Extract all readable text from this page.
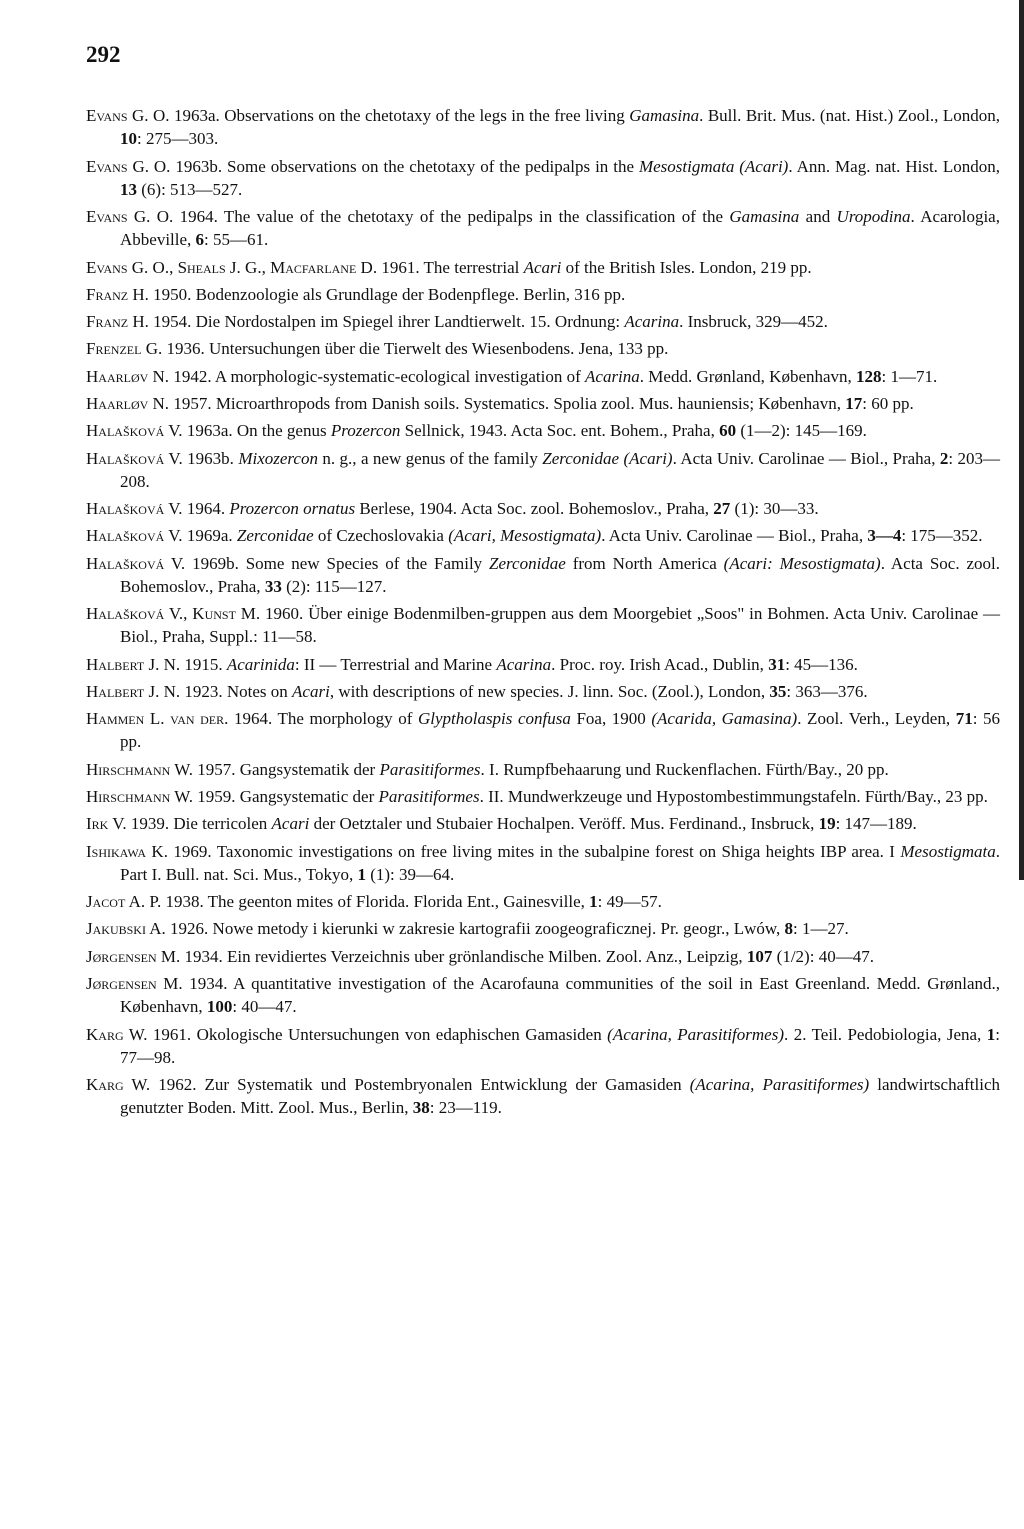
292
Evans G. O. 1963a. Observations on the chetotaxy of the legs in the free living Gamasina. Bull. Brit. Mus. (nat. Hist.) Zool., London, 10: 275—303.
Evans G. O. 1963b. Some observations on the chetotaxy of the pedipalps in the Mesostigmata (Acari). Ann. Mag. nat. Hist. London, 13 (6): 513—527.
Evans G. O. 1964. The value of the chetotaxy of the pedipalps in the classification of the Gamasina and Uropodina. Acarologia, Abbeville, 6: 55—61.
Evans G. O., Sheals J. G., Macfarlane D. 1961. The terrestrial Acari of the British Isles. London, 219 pp.
Franz H. 1950. Bodenzoologie als Grundlage der Bodenpflege. Berlin, 316 pp.
Franz H. 1954. Die Nordostalpen im Spiegel ihrer Landtierwelt. 15. Ordnung: Acarina. Insbruck, 329—452.
Frenzel G. 1936. Untersuchungen über die Tierwelt des Wiesenbodens. Jena, 133 pp.
Haarløv N. 1942. A morphologic-systematic-ecological investigation of Acarina. Medd. Grønland, København, 128: 1—71.
Haarløv N. 1957. Microarthropods from Danish soils. Systematics. Spolia zool. Mus. hauniensis; København, 17: 60 pp.
Halašková V. 1963a. On the genus Prozercon Sellnick, 1943. Acta Soc. ent. Bohem., Praha, 60 (1—2): 145—169.
Halašková V. 1963b. Mixozercon n. g., a new genus of the family Zerconidae (Acari). Acta Univ. Carolinae — Biol., Praha, 2: 203—208.
Halašková V. 1964. Prozercon ornatus Berlese, 1904. Acta Soc. zool. Bohemoslov., Praha, 27 (1): 30—33.
Halašková V. 1969a. Zerconidae of Czechoslovakia (Acari, Mesostigmata). Acta Univ. Carolinae — Biol., Praha, 3—4: 175—352.
Halašková V. 1969b. Some new Species of the Family Zerconidae from North America (Acari: Mesostigmata). Acta Soc. zool. Bohemoslov., Praha, 33 (2): 115—127.
Halašková V., Kunst M. 1960. Über einige Bodenmilben-gruppen aus dem Moorgebiet „Soos" in Bohmen. Acta Univ. Carolinae — Biol., Praha, Suppl.: 11—58.
Halbert J. N. 1915. Acarinida: II — Terrestrial and Marine Acarina. Proc. roy. Irish Acad., Dublin, 31: 45—136.
Halbert J. N. 1923. Notes on Acari, with descriptions of new species. J. linn. Soc. (Zool.), London, 35: 363—376.
Hammen L. van der. 1964. The morphology of Glyptholaspis confusa Foa, 1900 (Acarida, Gamasina). Zool. Verh., Leyden, 71: 56 pp.
Hirschmann W. 1957. Gangsystematik der Parasitiformes. I. Rumpfbehaarung und Ruckenflachen. Fürth/Bay., 20 pp.
Hirschmann W. 1959. Gangsystematic der Parasitiformes. II. Mundwerkzeuge und Hypostombestimmungstafeln. Fürth/Bay., 23 pp.
Irk V. 1939. Die terricolen Acari der Oetztaler und Stubaier Hochalpen. Veröff. Mus. Ferdinand., Insbruck, 19: 147—189.
Ishikawa K. 1969. Taxonomic investigations on free living mites in the subalpine forest on Shiga heights IBP area. I Mesostigmata. Part I. Bull. nat. Sci. Mus., Tokyo, 1 (1): 39—64.
Jacot A. P. 1938. The geenton mites of Florida. Florida Ent., Gainesville, 1: 49—57.
Jakubski A. 1926. Nowe metody i kierunki w zakresie kartografii zoogeograficznej. Pr. geogr., Lwów, 8: 1—27.
Jørgensen M. 1934. Ein revidiertes Verzeichnis uber grönlandische Milben. Zool. Anz., Leipzig, 107 (1/2): 40—47.
Jørgensen M. 1934. A quantitative investigation of the Acarofauna communities of the soil in East Greenland. Medd. Grønland., København, 100: 40—47.
Karg W. 1961. Okologische Untersuchungen von edaphischen Gamasiden (Acarina, Parasitiformes). 2. Teil. Pedobiologia, Jena, 1: 77—98.
Karg W. 1962. Zur Systematik und Postembryonalen Entwicklung der Gamasiden (Acarina, Parasitiformes) landwirtschaftlich genutzter Boden. Mitt. Zool. Mus., Berlin, 38: 23—119.
